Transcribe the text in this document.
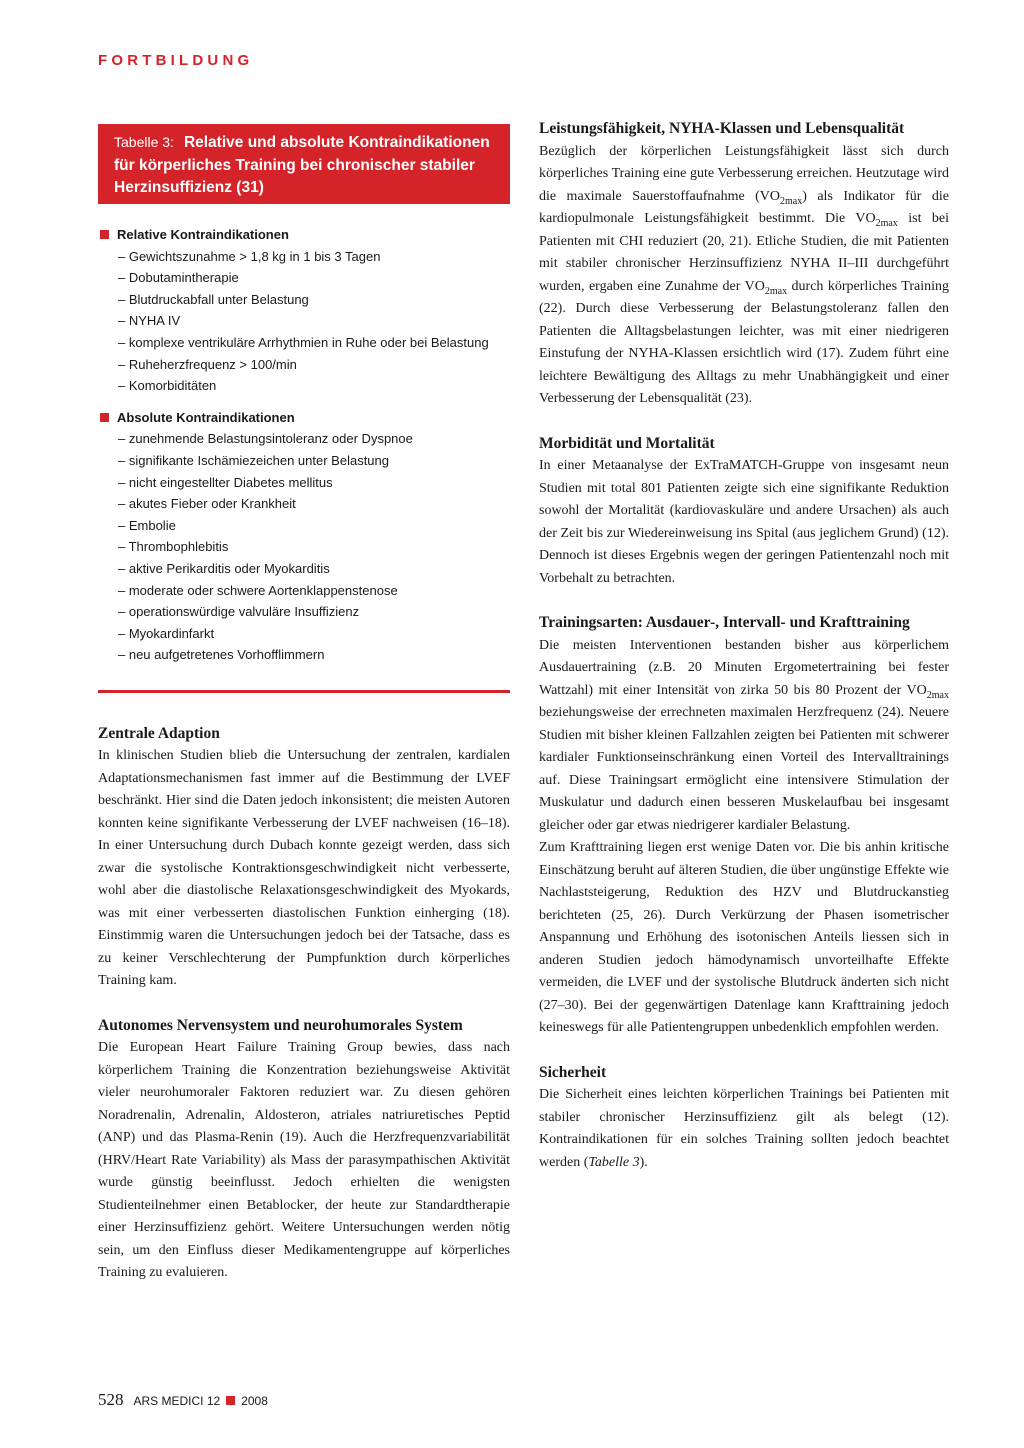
FORTBILDUNG
Tabelle 3: Relative und absolute Kontraindikationen für körperliches Training bei chronischer stabiler Herzinsuffizienz (31)
Relative Kontraindikationen
– Gewichtszunahme > 1,8 kg in 1 bis 3 Tagen
– Dobutamintherapie
– Blutdruckabfall unter Belastung
– NYHA IV
– komplexe ventrikuläre Arrhythmien in Ruhe oder bei Belastung
– Ruheherzfrequenz > 100/min
– Komorbiditäten
Absolute Kontraindikationen
– zunehmende Belastungsintoleranz oder Dyspnoe
– signifikante Ischämiezeichen unter Belastung
– nicht eingestellter Diabetes mellitus
– akutes Fieber oder Krankheit
– Embolie
– Thrombophlebitis
– aktive Perikarditis oder Myokarditis
– moderate oder schwere Aortenklappenstenose
– operationswürdige valvuläre Insuffizienz
– Myokardinfarkt
– neu aufgetretenes Vorhofflimmern
Zentrale Adaption

In klinischen Studien blieb die Untersuchung der zentralen, kardialen Adaptationsmechanismen fast immer auf die Bestimmung der LVEF beschränkt. Hier sind die Daten jedoch inkonsistent; die meisten Autoren konnten keine signifikante Verbesserung der LVEF nachweisen (16–18). In einer Untersuchung durch Dubach konnte gezeigt werden, dass sich zwar die systolische Kontraktionsgeschwindigkeit nicht verbesserte, wohl aber die diastolische Relaxationsgeschwindigkeit des Myokards, was mit einer verbesserten diastolischen Funktion einherging (18). Einstimmig waren die Untersuchungen jedoch bei der Tatsache, dass es zu keiner Verschlechterung der Pumpfunktion durch körperliches Training kam.

Autonomes Nervensystem und neurohumorales System

Die European Heart Failure Training Group bewies, dass nach körperlichem Training die Konzentration beziehungsweise Aktivität vieler neurohumoraler Faktoren reduziert war. Zu diesen gehören Noradrenalin, Adrenalin, Aldosteron, atriales natriuretisches Peptid (ANP) und das Plasma-Renin (19). Auch die Herzfrequenzvariabilität (HRV/Heart Rate Variability) als Mass der parasympathischen Aktivität wurde günstig beeinflusst. Jedoch erhielten die wenigsten Studienteilnehmer einen Betablocker, der heute zur Standardtherapie einer Herzinsuffizienz gehört. Weitere Untersuchungen werden nötig sein, um den Einfluss dieser Medikamentengruppe auf körperliches Training zu evaluieren.

Leistungsfähigkeit, NYHA-Klassen und Lebensqualität

Bezüglich der körperlichen Leistungsfähigkeit lässt sich durch körperliches Training eine gute Verbesserung erreichen. Heutzutage wird die maximale Sauerstoffaufnahme $(VO_{2max})$ als Indikator für die kardiopulmonale Leistungsfähigkeit bestimmt. Die $VO_{2max}$ ist bei Patienten mit CHI reduziert (20, 21). Etliche Studien, die mit Patienten mit stabiler chronischer Herzinsuffizienz NYHA II–III durchgeführt wurden, ergaben eine Zunahme der $VO_{2max}$ durch körperliches Training (22). Durch diese Verbesserung der Belastungstoleranz fallen den Patienten die Alltagsbelastungen leichter, was mit einer niedrigeren Einstufung der NYHA-Klassen ersichtlich wird (17). Zudem führt eine leichtere Bewältigung des Alltags zu mehr Unabhängigkeit und einer Verbesserung der Lebensqualität (23).

Morbidität und Mortalität

In einer Metaanalyse der ExTraMATCH-Gruppe von insgesamt neun Studien mit total 801 Patienten zeigte sich eine signifikante Reduktion sowohl der Mortalität (kardiovaskuläre und andere Ursachen) als auch der Zeit bis zur Wiedereinweisung ins Spital (aus jeglichem Grund) (12). Dennoch ist dieses Ergebnis wegen der geringen Patientenzahl noch mit Vorbehalt zu betrachten.

Trainingsarten: Ausdauer-, Intervall- und Krafttraining

Die meisten Interventionen bestanden bisher aus körperlichem Ausdauertraining (z.B. 20 Minuten Ergometertraining bei fester Wattzahl) mit einer Intensität von zirka 50 bis 80 Prozent der $VO_{2max}$ beziehungsweise der errechneten maximalen Herzfrequenz (24). Neuere Studien mit bisher kleinen Fallzahlen zeigten bei Patienten mit schwerer kardialer Funktionseinschränkung einen Vorteil des Intervalltrainings auf. Diese Trainingsart ermöglicht eine intensivere Stimulation der Muskulatur und dadurch einen besseren Muskelaufbau bei insgesamt gleicher oder gar etwas niedrigerer kardialer Belastung.

Zum Krafttraining liegen erst wenige Daten vor. Die bis anhin kritische Einschätzung beruht auf älteren Studien, die über ungünstige Effekte wie Nachlaststeigerung, Reduktion des HZV und Blutdruckanstieg berichteten (25, 26). Durch Verkürzung der Phasen isometrischer Anspannung und Erhöhung des isotonischen Anteils liessen sich in anderen Studien jedoch hämodynamisch unvorteilhafte Effekte vermeiden, die LVEF und der systolische Blutdruck änderten sich nicht (27–30). Bei der gegenwärtigen Datenlage kann Krafttraining jedoch keineswegs für alle Patientengruppen unbedenklich empfohlen werden.

Sicherheit

Die Sicherheit eines leichten körperlichen Trainings bei Patienten mit stabiler chronischer Herzinsuffizienz gilt als belegt (12). Kontraindikationen für ein solches Training sollten jedoch beachtet werden (Tabelle 3).

528 ARS MEDICI 12 2008
